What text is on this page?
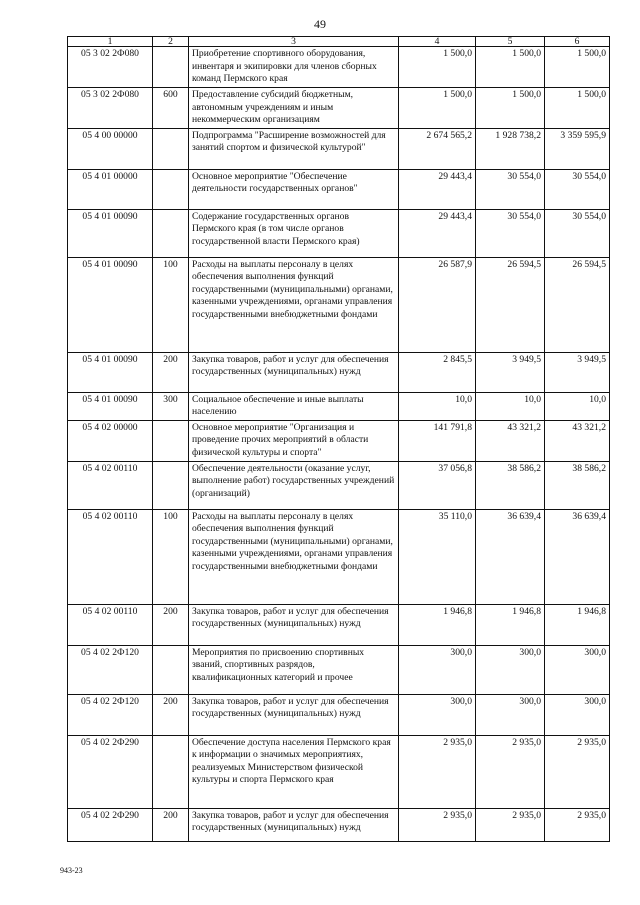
49
1	2	3	4	5	6
05 3 02 2Ф080		Приобретение спортивного оборудования, инвентаря и экипировки для членов сборных команд Пермского края	1 500,0	1 500,0	1 500,0
05 3 02 2Ф080	600	Предоставление субсидий бюджетным, автономным учреждениям и иным некоммерческим организациям	1 500,0	1 500,0	1 500,0
05 4 00 00000		Подпрограмма "Расширение возможностей для занятий спортом и физической культурой"	2 674 565,2	1 928 738,2	3 359 595,9
05 4 01 00000		Основное мероприятие "Обеспечение деятельности государственных органов"	29 443,4	30 554,0	30 554,0
05 4 01 00090		Содержание государственных органов Пермского края (в том числе органов государственной власти Пермского края)	29 443,4	30 554,0	30 554,0
05 4 01 00090	100	Расходы на выплаты персоналу в целях обеспечения выполнения функций государственными (муниципальными) органами, казенными учреждениями, органами управления государственными внебюджетными фондами	26 587,9	26 594,5	26 594,5
05 4 01 00090	200	Закупка товаров, работ и услуг для обеспечения государственных (муниципальных) нужд	2 845,5	3 949,5	3 949,5
05 4 01 00090	300	Социальное обеспечение и иные выплаты населению	10,0	10,0	10,0
05 4 02 00000		Основное мероприятие "Организация и проведение прочих мероприятий в области физической культуры и спорта"	141 791,8	43 321,2	43 321,2
05 4 02 00110		Обеспечение деятельности (оказание услуг, выполнение работ) государственных учреждений (организаций)	37 056,8	38 586,2	38 586,2
05 4 02 00110	100	Расходы на выплаты персоналу в целях обеспечения выполнения функций государственными (муниципальными) органами, казенными учреждениями, органами управления государственными внебюджетными фондами	35 110,0	36 639,4	36 639,4
05 4 02 00110	200	Закупка товаров, работ и услуг для обеспечения государственных (муниципальных) нужд	1 946,8	1 946,8	1 946,8
05 4 02 2Ф120		Мероприятия по присвоению спортивных званий, спортивных разрядов, квалификационных категорий и прочее	300,0	300,0	300,0
05 4 02 2Ф120	200	Закупка товаров, работ и услуг для обеспечения государственных (муниципальных) нужд	300,0	300,0	300,0
05 4 02 2Ф290		Обеспечение доступа населения Пермского края к информации о значимых мероприятиях, реализуемых Министерством физической культуры и спорта Пермского края	2 935,0	2 935,0	2 935,0
05 4 02 2Ф290	200	Закупка товаров, работ и услуг для обеспечения государственных (муниципальных) нужд	2 935,0	2 935,0	2 935,0
943-23
